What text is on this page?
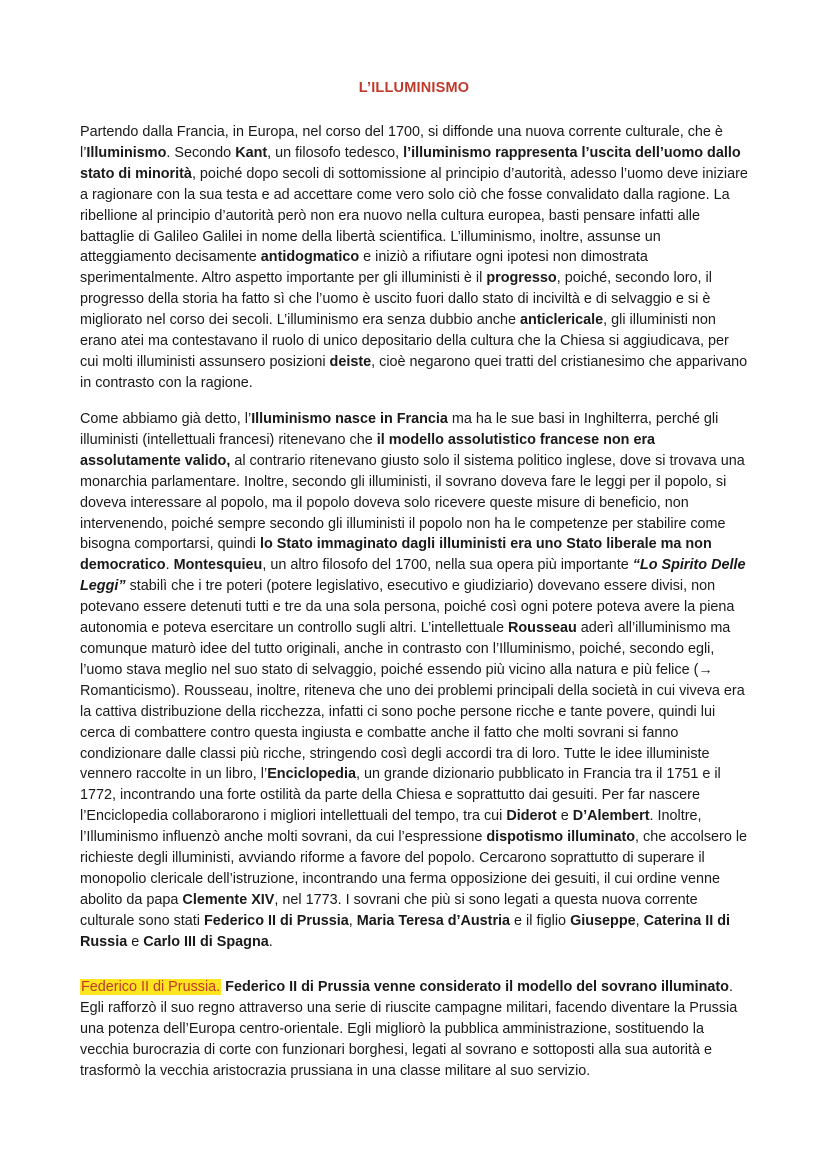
L’ILLUMINISMO

Partendo dalla Francia, in Europa, nel corso del 1700, si diffonde una nuova corrente culturale, che è l’Illuminismo. Secondo Kant, un filosofo tedesco, l’illuminismo rappresenta l’uscita dell’uomo dallo stato di minorità, poiché dopo secoli di sottomissione al principio d’autorità, adesso l’uomo deve iniziare a ragionare con la sua testa e ad accettare come vero solo ciò che fosse convalidato dalla ragione. La ribellione al principio d’autorità però non era nuovo nella cultura europea, basti pensare infatti alle battaglie di Galileo Galilei in nome della libertà scientifica. L’illuminismo, inoltre, assunse un atteggiamento decisamente antidogmatico e iniziò a rifiutare ogni ipotesi non dimostrata sperimentalmente. Altro aspetto importante per gli illuministi è il progresso, poiché, secondo loro, il progresso della storia ha fatto sì che l’uomo è uscito fuori dallo stato di inciviltà e di selvaggio e si è migliorato nel corso dei secoli. L’illuminismo era senza dubbio anche anticlericale, gli illuministi non erano atei ma contestavano il ruolo di unico depositario della cultura che la Chiesa si aggiudicava, per cui molti illuministi assunsero posizioni deiste, cioè negarono quei tratti del cristianesimo che apparivano in contrasto con la ragione.

Come abbiamo già detto, l’Illuminismo nasce in Francia ma ha le sue basi in Inghilterra, perché gli illuministi (intellettuali francesi) ritenevano che il modello assolutistico francese non era assolutamente valido, al contrario ritenevano giusto solo il sistema politico inglese, dove si trovava una monarchia parlamentare. Inoltre, secondo gli illuministi, il sovrano doveva fare le leggi per il popolo, si doveva interessare al popolo, ma il popolo doveva solo ricevere queste misure di beneficio, non intervenendo, poiché sempre secondo gli illuministi il popolo non ha le competenze per stabilire come bisogna comportarsi, quindi lo Stato immaginato dagli illuministi era uno Stato liberale ma non democratico. Montesquieu, un altro filosofo del 1700, nella sua opera più importante “Lo Spirito Delle Leggi” stabilì che i tre poteri (potere legislativo, esecutivo e giudiziario) dovevano essere divisi, non potevano essere detenuti tutti e tre da una sola persona, poiché così ogni potere poteva avere la piena autonomia e poteva esercitare un controllo sugli altri. L’intellettuale Rousseau aderì all’illuminismo ma comunque maturò idee del tutto originali, anche in contrasto con l’Illuminismo, poiché, secondo egli, l’uomo stava meglio nel suo stato di selvaggio, poiché essendo più vicino alla natura e più felice (→ Romanticismo). Rousseau, inoltre, riteneva che uno dei problemi principali della società in cui viveva era la cattiva distribuzione della ricchezza, infatti ci sono poche persone ricche e tante povere, quindi lui cerca di combattere contro questa ingiusta e combatte anche il fatto che molti sovrani si fanno condizionare dalle classi più ricche, stringendo così degli accordi tra di loro. Tutte le idee illuministe vennero raccolte in un libro, l’Enciclopedia, un grande dizionario pubblicato in Francia tra il 1751 e il 1772, incontrando una forte ostilità da parte della Chiesa e soprattutto dai gesuiti. Per far nascere l’Enciclopedia collaborarono i migliori intellettuali del tempo, tra cui Diderot e D’Alembert. Inoltre, l’Illuminismo influenzò anche molti sovrani, da cui l’espressione dispotismo illuminato, che accolsero le richieste degli illuministi, avviando riforme a favore del popolo. Cercarono soprattutto di superare il monopolio clericale dell’istruzione, incontrando una ferma opposizione dei gesuiti, il cui ordine venne abolito da papa Clemente XIV, nel 1773. I sovrani che più si sono legati a questa nuova corrente culturale sono stati Federico II di Prussia, Maria Teresa d’Austria e il figlio Giuseppe, Caterina II di Russia e Carlo III di Spagna.

Federico II di Prussia. Federico II di Prussia venne considerato il modello del sovrano illuminato. Egli rafforzò il suo regno attraverso una serie di riuscite campagne militari, facendo diventare la Prussia una potenza dell’Europa centro-orientale. Egli migliorò la pubblica amministrazione, sostituendo la vecchia burocrazia di corte con funzionari borghesi, legati al sovrano e sottoposti alla sua autorità e trasformò la vecchia aristocrazia prussiana in una classe militare al suo servizio.
